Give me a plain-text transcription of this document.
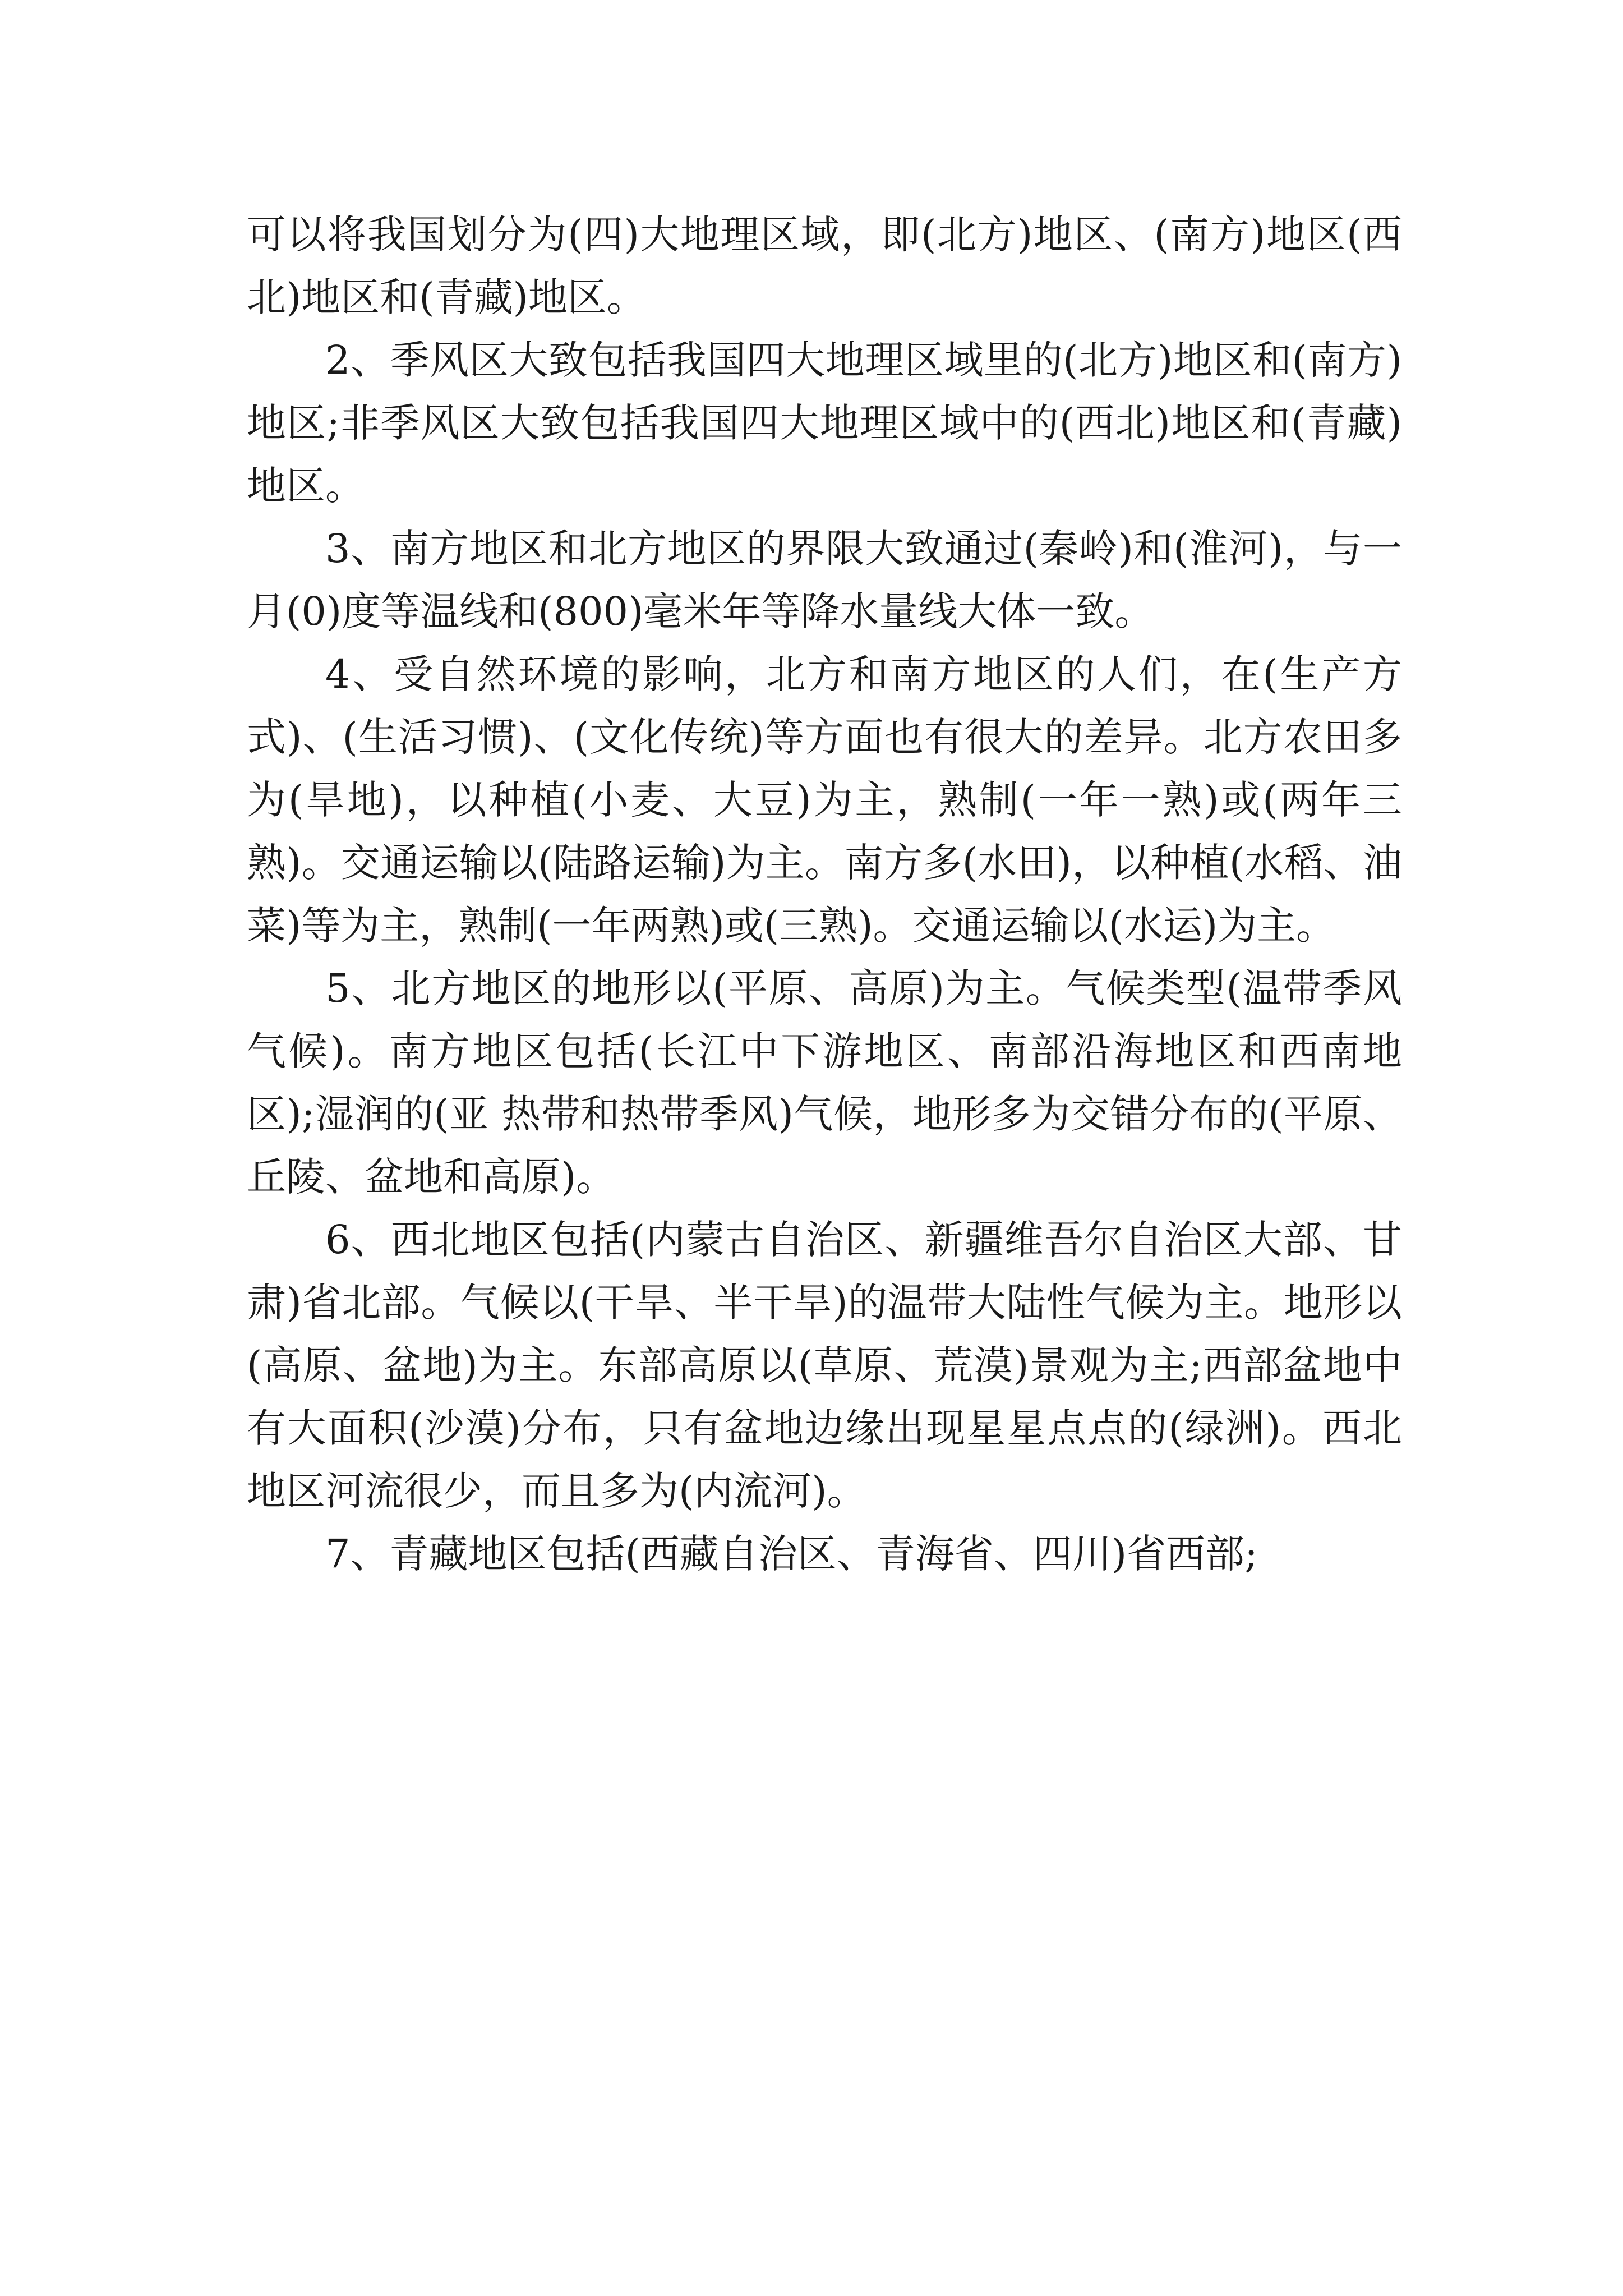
可以将我国划分为(四)大地理区域，即(北方)地区、(南方)地区(西北)地区和(青藏)地区。

2、季风区大致包括我国四大地理区域里的(北方)地区和(南方)地区;非季风区大致包括我国四大地理区域中的(西北)地区和(青藏)地区。

3、南方地区和北方地区的界限大致通过(秦岭)和(淮河)，与一月(0)度等温线和(800)毫米年等降水量线大体一致。

4、受自然环境的影响，北方和南方地区的人们，在(生产方式)、(生活习惯)、(文化传统)等方面也有很大的差异。北方农田多为(旱地)，以种植(小麦、大豆)为主，熟制(一年一熟)或(两年三熟)。交通运输以(陆路运输)为主。南方多(水田)，以种植(水稻、油菜)等为主，熟制(一年两熟)或(三熟)。交通运输以(水运)为主。

5、北方地区的地形以(平原、高原)为主。气候类型(温带季风气候)。南方地区包括(长江中下游地区、南部沿海地区和西南地区);湿润的(亚 热带和热带季风)气候，地形多为交错分布的(平原、丘陵、盆地和高原)。

6、西北地区包括(内蒙古自治区、新疆维吾尔自治区大部、甘肃)省北部。气候以(干旱、半干旱)的温带大陆性气候为主。地形以(高原、盆地)为主。东部高原以(草原、荒漠)景观为主;西部盆地中有大面积(沙漠)分布，只有盆地边缘出现星星点点的(绿洲)。西北地区河流很少，而且多为(内流河)。

7、青藏地区包括(西藏自治区、青海省、四川)省西部;
